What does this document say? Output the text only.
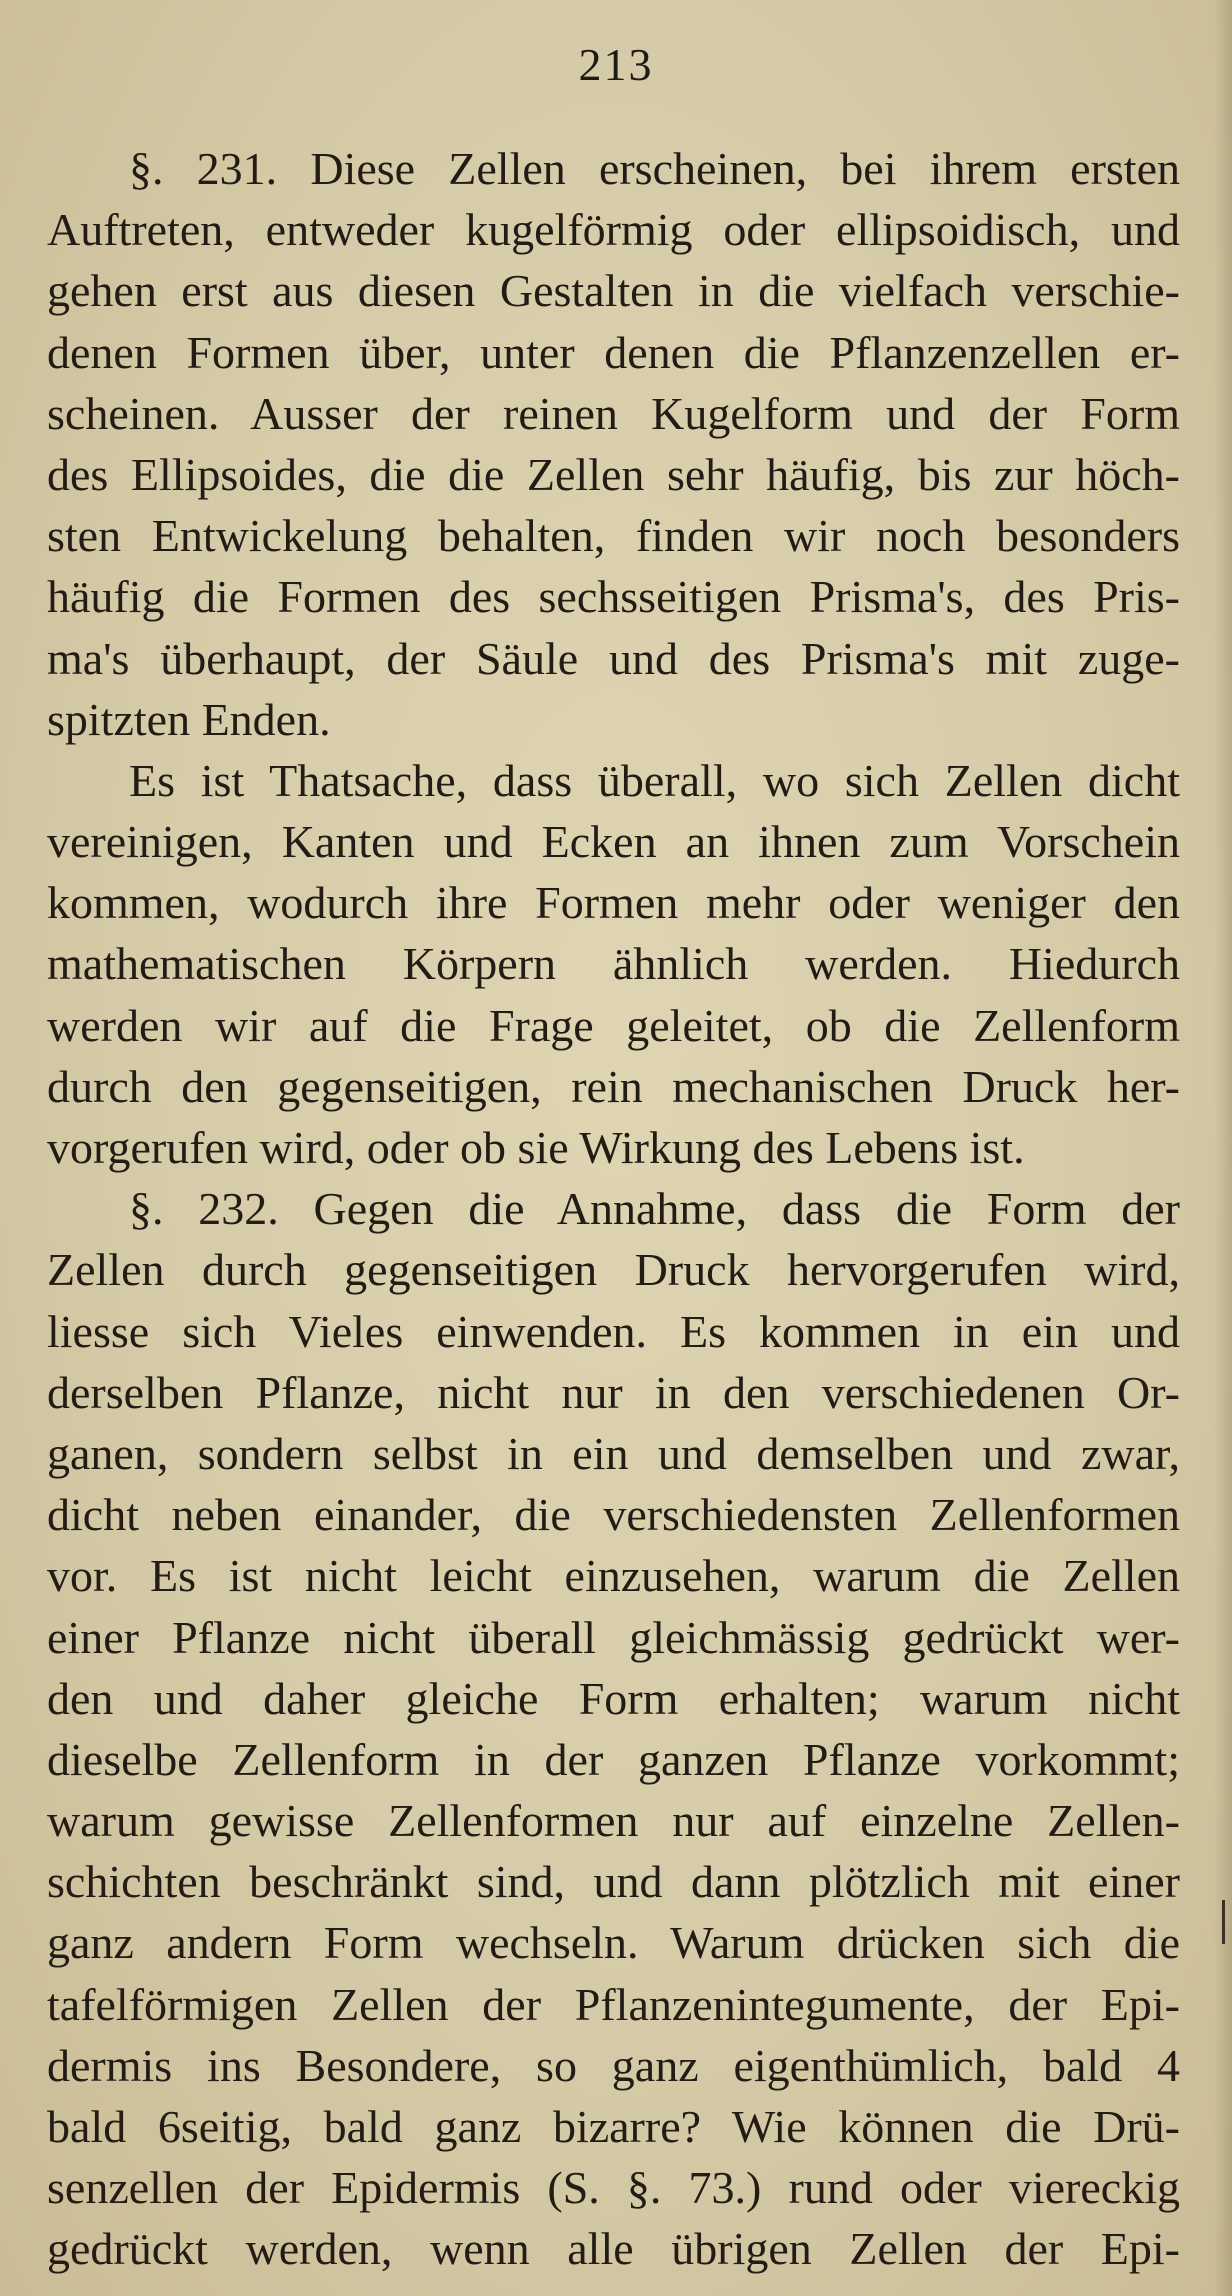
213
§. 231. Diese Zellen erscheinen, bei ihrem ersten
Auftreten, entweder kugelförmig oder ellipsoidisch, und
gehen erst aus diesen Gestalten in die vielfach verschie-
denen Formen über, unter denen die Pflanzenzellen er-
scheinen. Ausser der reinen Kugelform und der Form
des Ellipsoides, die die Zellen sehr häufig, bis zur höch-
sten Entwickelung behalten, finden wir noch besonders
häufig die Formen des sechsseitigen Prisma's, des Pris-
ma's überhaupt, der Säule und des Prisma's mit zuge-
spitzten Enden.
Es ist Thatsache, dass überall, wo sich Zellen dicht
vereinigen, Kanten und Ecken an ihnen zum Vorschein
kommen, wodurch ihre Formen mehr oder weniger den
mathematischen Körpern ähnlich werden. Hiedurch
werden wir auf die Frage geleitet, ob die Zellenform
durch den gegenseitigen, rein mechanischen Druck her-
vorgerufen wird, oder ob sie Wirkung des Lebens ist.
§. 232. Gegen die Annahme, dass die Form der
Zellen durch gegenseitigen Druck hervorgerufen wird,
liesse sich Vieles einwenden. Es kommen in ein und
derselben Pflanze, nicht nur in den verschiedenen Or-
ganen, sondern selbst in ein und demselben und zwar,
dicht neben einander, die verschiedensten Zellenformen
vor. Es ist nicht leicht einzusehen, warum die Zellen
einer Pflanze nicht überall gleichmässig gedrückt wer-
den und daher gleiche Form erhalten; warum nicht
dieselbe Zellenform in der ganzen Pflanze vorkommt;
warum gewisse Zellenformen nur auf einzelne Zellen-
schichten beschränkt sind, und dann plötzlich mit einer
ganz andern Form wechseln. Warum drücken sich die
tafelförmigen Zellen der Pflanzenintegumente, der Epi-
dermis ins Besondere, so ganz eigenthümlich, bald 4
bald 6seitig, bald ganz bizarre? Wie können die Drü-
senzellen der Epidermis (S. §. 73.) rund oder viereckig
gedrückt werden, wenn alle übrigen Zellen der Epi-
